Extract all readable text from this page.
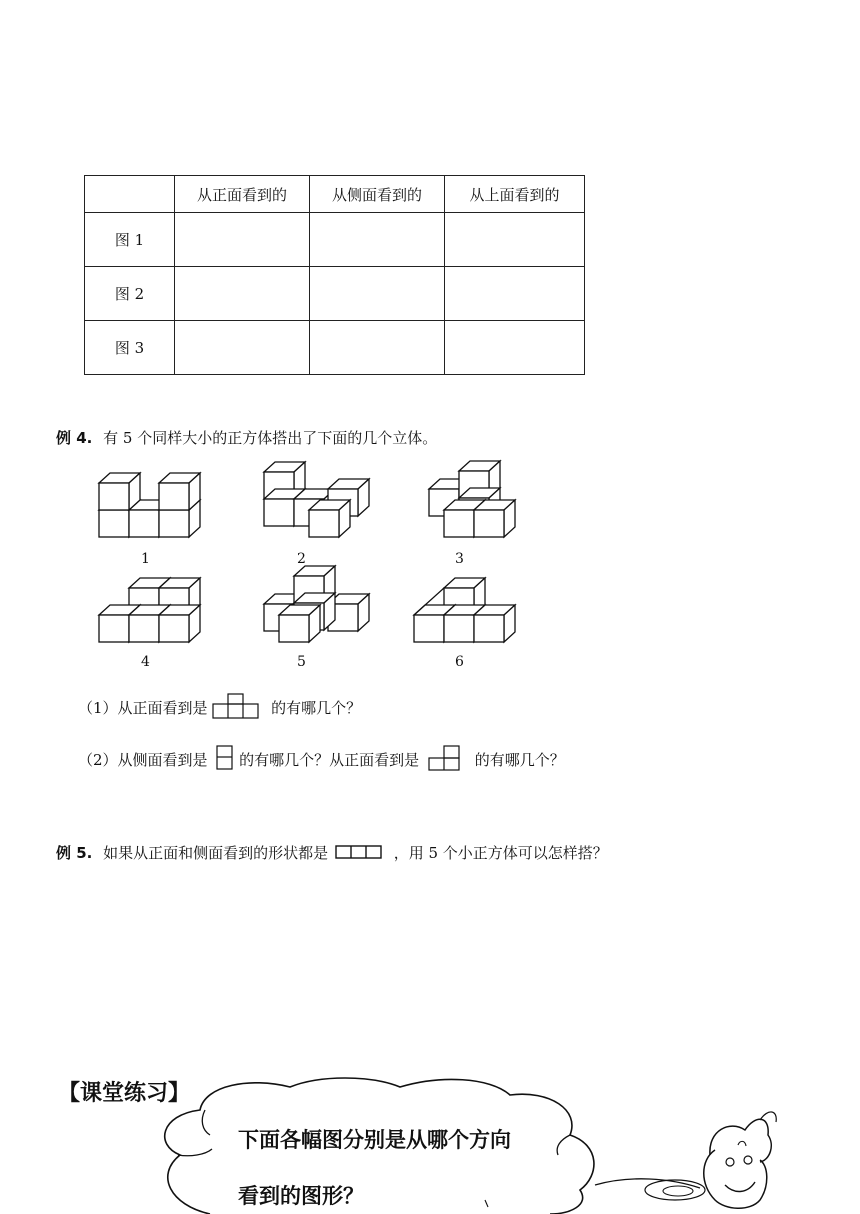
	从正面看到的	从侧面看到的	从上面看到的
图 1			
图 2			
图 3			
例 4. 有 5 个同样大小的正方体搭出了下面的几个立体。
1	2	3
4	5	6
（1）从正面看到是	的有哪几个？
（2）从侧面看到是 的有哪几个？从正面看到是	的有哪几个？
例 5. 如果从正面和侧面看到的形状都是	，用 5 个小正方体可以怎样搭？
【课堂练习】
下面各幅图分别是从哪个方向
看到的图形？
